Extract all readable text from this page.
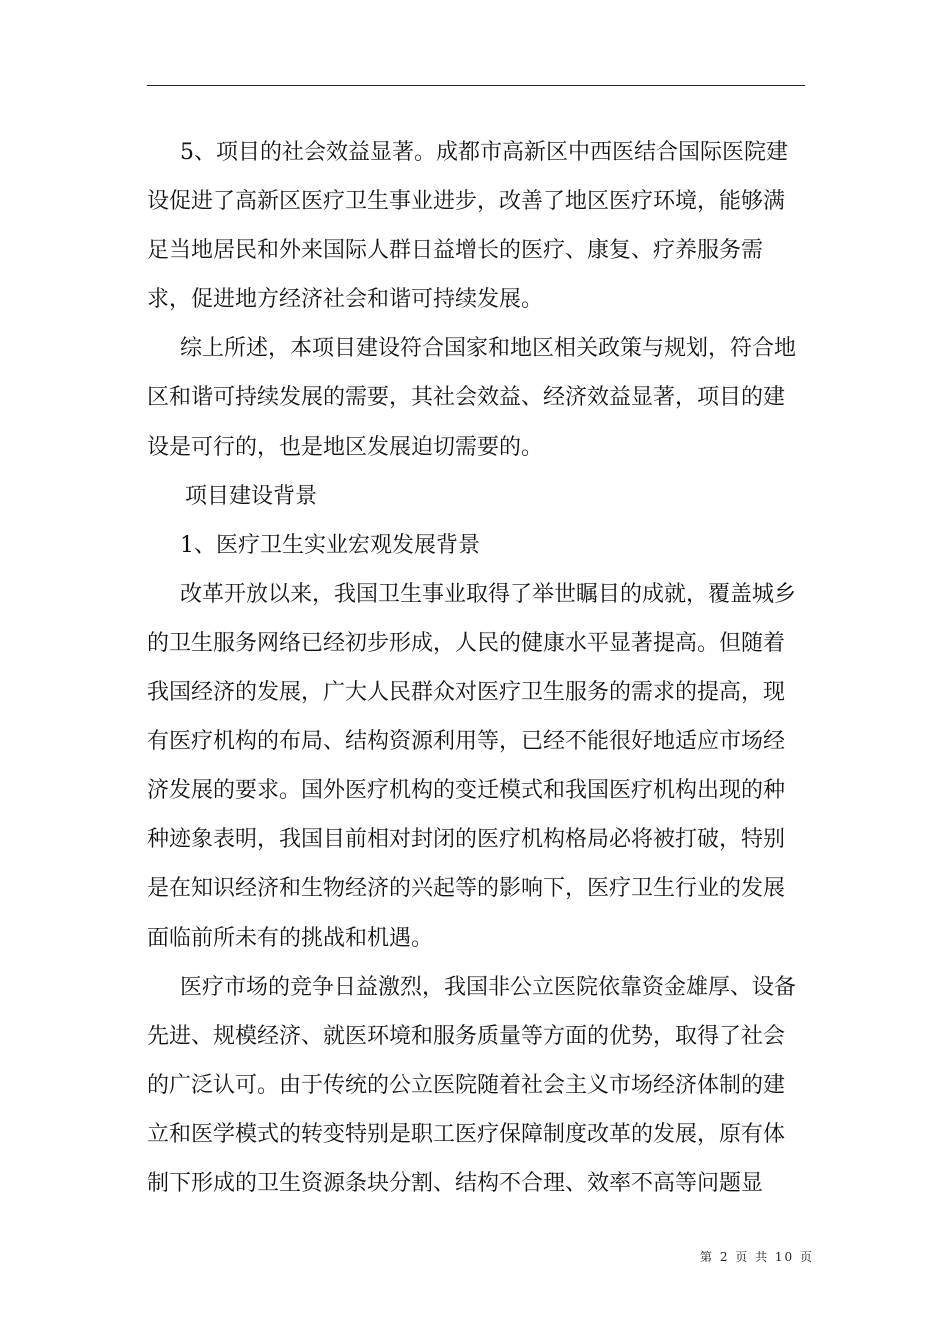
5、项目的社会效益显著。成都市高新区中西医结合国际医院建
设促进了高新区医疗卫生事业进步，改善了地区医疗环境，能够满
足当地居民和外来国际人群日益增长的医疗、康复、疗养服务需
求，促进地方经济社会和谐可持续发展。
综上所述，本项目建设符合国家和地区相关政策与规划，符合地
区和谐可持续发展的需要，其社会效益、经济效益显著，项目的建
设是可行的，也是地区发展迫切需要的。
项目建设背景
1、医疗卫生实业宏观发展背景
改革开放以来，我国卫生事业取得了举世瞩目的成就，覆盖城乡
的卫生服务网络已经初步形成，人民的健康水平显著提高。但随着
我国经济的发展，广大人民群众对医疗卫生服务的需求的提高，现
有医疗机构的布局、结构资源利用等，已经不能很好地适应市场经
济发展的要求。国外医疗机构的变迁模式和我国医疗机构出现的种
种迹象表明，我国目前相对封闭的医疗机构格局必将被打破，特别
是在知识经济和生物经济的兴起等的影响下，医疗卫生行业的发展
面临前所未有的挑战和机遇。
医疗市场的竞争日益激烈，我国非公立医院依靠资金雄厚、设备
先进、规模经济、就医环境和服务质量等方面的优势，取得了社会
的广泛认可。由于传统的公立医院随着社会主义市场经济体制的建
立和医学模式的转变特别是职工医疗保障制度改革的发展，原有体
制下形成的卫生资源条块分割、结构不合理、效率不高等问题显
第 2 页 共 10 页
